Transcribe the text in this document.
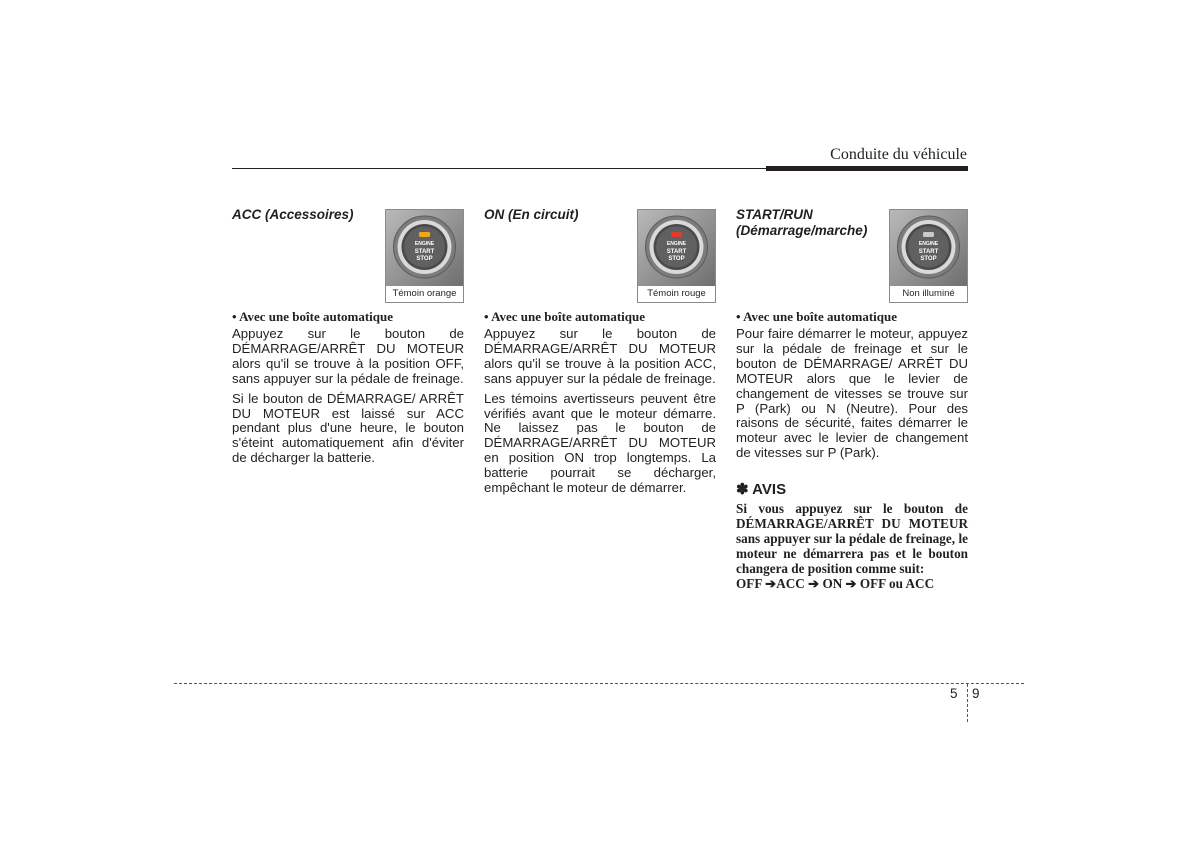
Conduite du véhicule
ACC (Accessoires)
ENGINE
START
STOP
Témoin orange

• Avec une boîte automatique

Appuyez sur le bouton de DÉMARRAGE/ARRÊT DU MOTEUR alors qu'il se trouve à la position OFF, sans appuyer sur la pédale de freinage.

Si le bouton de DÉMARRAGE/ ARRÊT DU MOTEUR est laissé sur ACC pendant plus d'une heure, le bouton s'éteint automatiquement afin d'éviter de décharger la batterie.

ON (En circuit)
ENGINE
START
STOP
Témoin rouge

• Avec une boîte automatique

Appuyez sur le bouton de DÉMARRAGE/ARRÊT DU MOTEUR alors qu'il se trouve à la position ACC, sans appuyer sur la pédale de freinage.

Les témoins avertisseurs peuvent être vérifiés avant que le moteur démarre. Ne laissez pas le bouton de DÉMARRAGE/ARRÊT DU MOTEUR en position ON trop longtemps. La batterie pourrait se décharger, empêchant le moteur de démarrer.

START/RUN (Démarrage/marche)
ENGINE
START
STOP
Non illuminé

• Avec une boîte automatique

Pour faire démarrer le moteur, appuyez sur la pédale de freinage et sur le bouton de DÉMARRAGE/ ARRÊT DU MOTEUR alors que le levier de changement de vitesses se trouve sur P (Park) ou N (Neutre). Pour des raisons de sécurité, faites démarrer le moteur avec le levier de changement de vitesses sur P (Park).

✽ AVIS

Si vous appuyez sur le bouton de DÉMARRAGE/ARRÊT DU MOTEUR sans appuyer sur la pédale de freinage, le moteur ne démarrera pas et le bouton changera de position comme suit:

OFF ➔ACC ➔ ON ➔ OFF ou ACC

5 9
